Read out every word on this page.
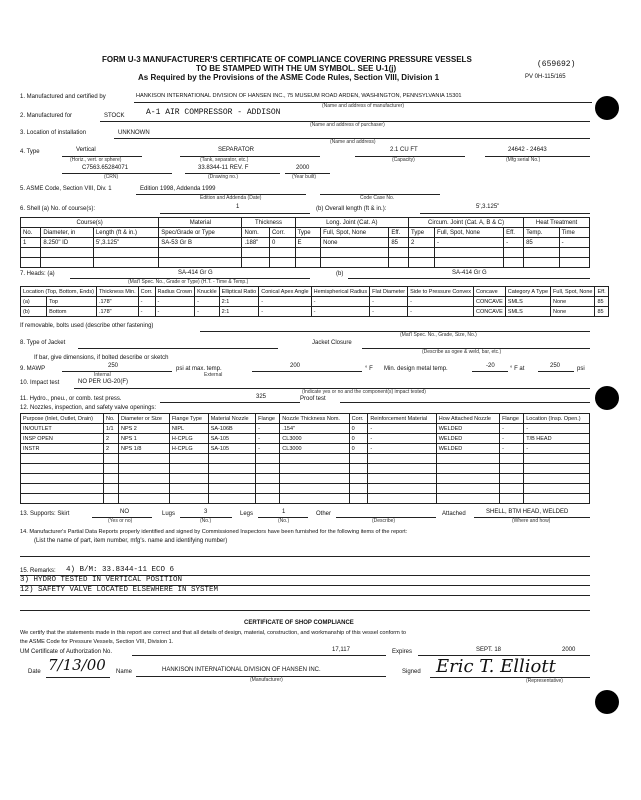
FORM U-3 MANUFACTURER'S CERTIFICATE OF COMPLIANCE COVERING PRESSURE VESSELS
TO BE STAMPED WITH THE UM SYMBOL. SEE U-1(j)
As Required by the Provisions of the ASME Code Rules, Section VIII, Division 1
(659692)
PV 0H-115/165
1. Manufactured and certified by	HANKISON INTERNATIONAL DIVISION OF HANSEN INC., 75 MUSEUM ROAD ARDEN, WASHINGTON, PENNSYLVANIA 15301
(Name and address of manufacturer)
2. Manufactured for	STOCK	A-1 AIR COMPRESSOR - ADDISON
(Name and address of purchaser)
3. Location of installation	UNKNOWN
(Name and address)
4. Type	Vertical
(Horiz., vert. or sphere)
SEPARATOR
(Tank, separator, etc.)
2.1 CU FT
(Capacity)
24642 - 24643
(Mfg serial No.)
C7563.65284071
(CRN)
33.8344-11 REV. F
(Drawing no.)
2000
(Year built)
5. ASME Code, Section VIII, Div. 1	Edition 1998, Addenda 1999
Edition and Addenda (Date)	Code Case No.
6. Shell (a) No. of course(s):	1	(b) Overall length (ft & in.):	5',3.125"
Course(s)			Material	Thickness		Long. Joint (Cat. A)			Circum. Joint (Cat. A, B & C)			Heat Treatment	
No.	Diameter, in	Length (ft & in.)	Spec/Grade or Type	Nom.	Corr.	Type	Full, Spot, None	Eff.	Type	Full, Spot, None	Eff.	Temp.	Time
1	8.250" ID	5',3.125"	SA-53 Gr B	.188"	0	E	None	85	2	-	-	85	-

7. Heads: (a)	SA-414 Gr G	(b)	SA-414 Gr G
(Mat'l Spec. No., Grade or Type) (H.T. - Time & Temp.)
Location (Top, Bottom, Ends)		Thickness Min.	Corr.	Radius Crown	Knuckle	Elliptical Ratio	Conical Apex Angle	Hemispherical Radius	Flat Diameter	Side to Pressure Convex	Concave	Category A Type	Full, Spot, None	Eff.
(a)	Top	.178"	-	-	-	2:1	-	-	-	-	CONCAVE	SMLS	None	85
(b)	Bottom	.178"	-	-	-	2:1	-	-	-	-	CONCAVE	SMLS	None	85
If removable, bolts used (describe other fastening)
(Mat'l Spec. No., Grade, Size, No.)
8. Type of Jacket	Jacket Closure
(Describe as ogee & weld, bar, etc.)
If bar, give dimensions, if bolted describe or sketch
9. MAWP	250
Internal	External
psi at max. temp.	200	° F Min. design metal temp.	-20	° F at	250	psi
10. Impact test	NO PER UG-20(F)
(Indicate yes or no and the component(s) impact tested)
11. Hydro., pneu., or comb. test press.	325	Proof test
12. Nozzles, inspection, and safety valve openings:
Purpose (Inlet, Outlet, Drain)	No.	Diameter or Size	Flange Type	Material Nozzle	Flange	Nozzle Thickness Nom.	Corr.	Reinforcement Material	How Attached Nozzle	Flange	Location (Insp. Open.)
IN/OUTLET	1/1	NPS 2	NIPL	SA-106B	-	.154"	0	-	WELDED	-	-
INSP OPEN	2	NPS 1	H-CPLG	SA-105	-	CL3000	0	-	WELDED	-	T/B HEAD
INSTR	2	NPS 1/8	H-CPLG	SA-105	-	CL3000	0	-	WELDED	-	-

13. Supports: Skirt	NO
(Yes or no)
Lugs	3
(No.)
Legs	1
(No.)
Other
(Describe)
Attached	SHELL, BTM HEAD, WELDED
(Where and how)
14. Manufacturer's Partial Data Reports properly identified and signed by Commissioned Inspectors have been furnished for the following items of the report:
(List the name of part, item number, mfg's. name and identifying number)
15. Remarks: 4) B/M: 33.8344-11 ECO 6
3) HYDRO TESTED IN VERTICAL POSITION
12) SAFETY VALVE LOCATED ELSEWHERE IN SYSTEM
CERTIFICATE OF SHOP COMPLIANCE
We certify that the statements made in this report are correct and that all details of design, material, construction, and workmanship of this vessel conform to
the ASME Code for Pressure Vessels, Section VIII, Division 1.
UM Certificate of Authorization No.	17,117	Expires	SEPT. 18	2000
Date 7/13/00 Name	HANKISON INTERNATIONAL DIVISION OF HANSEN INC.
(Manufacturer)
Signed Eric T. Elliott
(Representative)
